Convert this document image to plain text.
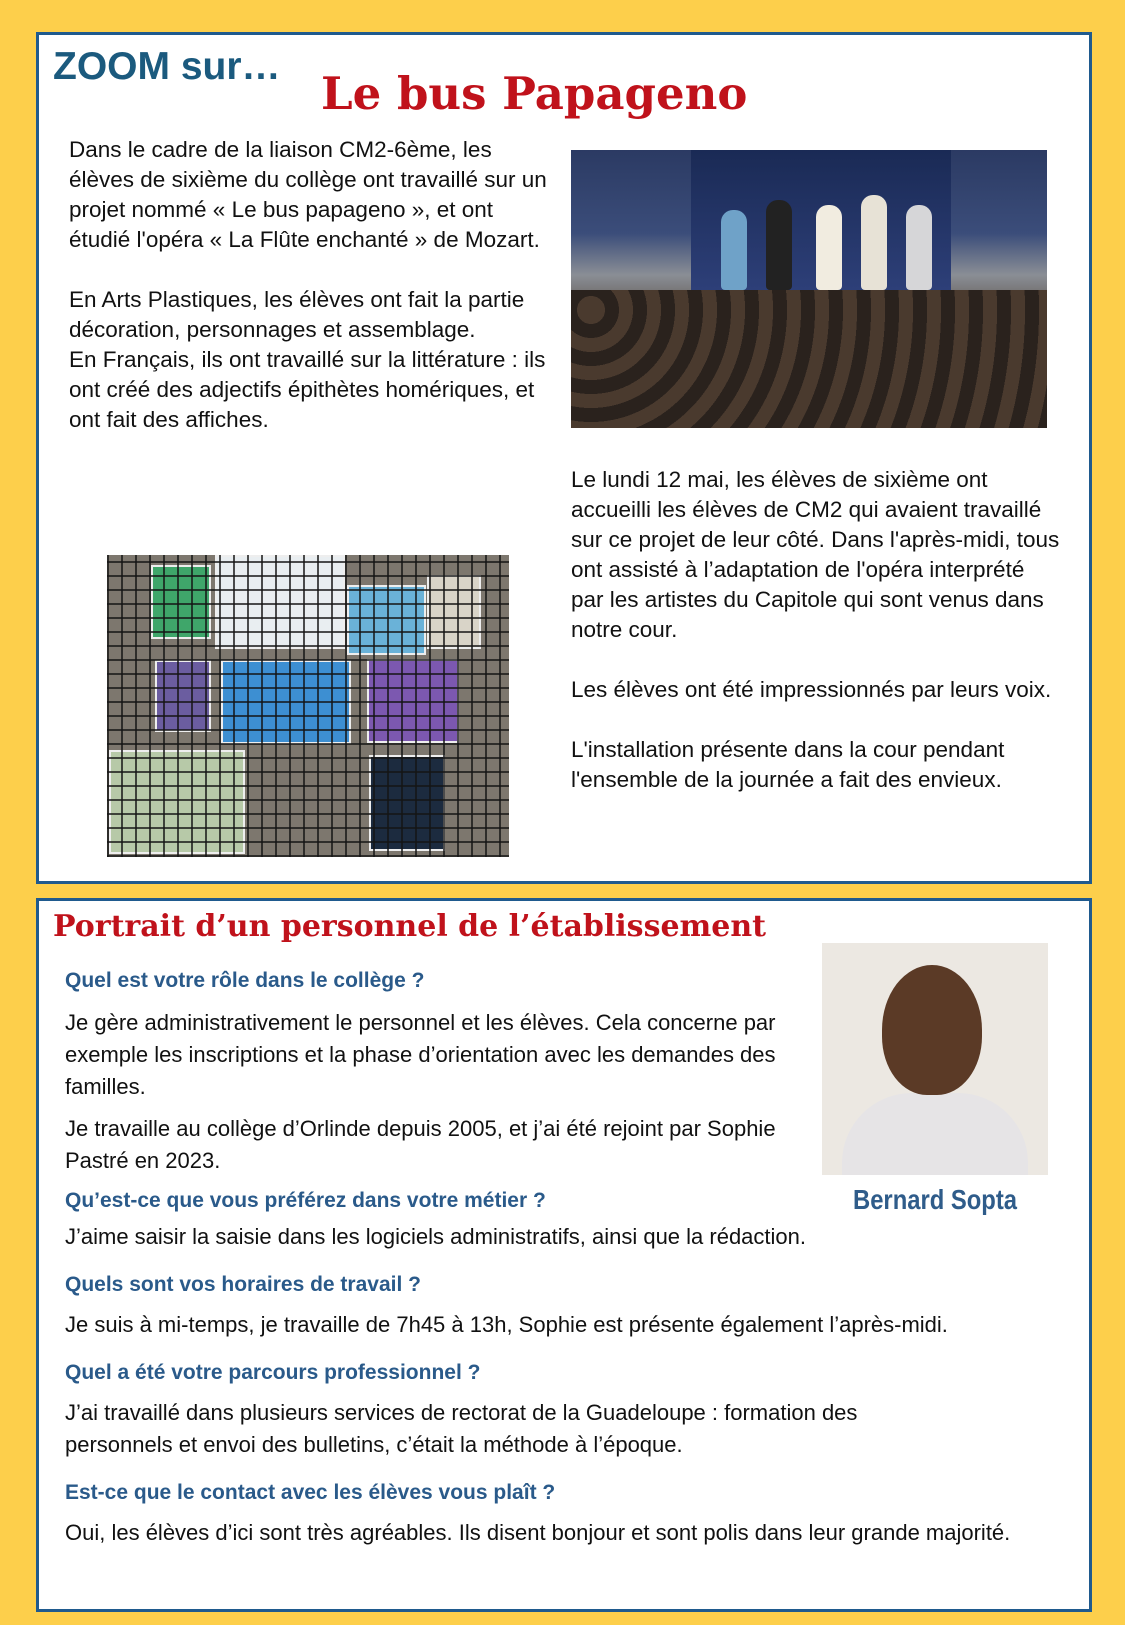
ZOOM sur…
Le bus Papageno

Dans le cadre de la liaison CM2-6ème, les élèves de sixième du collège ont travaillé sur un projet nommé « Le bus papageno », et ont étudié l'opéra « La Flûte enchanté » de Mozart.

En Arts Plastiques, les élèves ont fait la partie décoration, personnages et assemblage.
En Français, ils ont travaillé sur la littérature : ils ont créé des adjectifs épithètes homériques, et ont fait des affiches.

Le lundi 12 mai, les élèves de sixième ont accueilli les élèves de CM2 qui avaient travaillé sur ce projet de leur côté. Dans l'après-midi, tous ont assisté à l’adaptation de l'opéra interprété par les artistes du Capitole qui sont venus dans notre cour.

Les élèves ont été impressionnés par leurs voix.

L'installation présente dans la cour pendant l'ensemble de la journée a fait des envieux.

Portrait d’un personnel de l’établissement

Bernard Sopta

Quel est votre rôle dans le collège ?

Je gère administrativement le personnel et les élèves. Cela concerne par exemple les inscriptions et la phase d’orientation avec les demandes des familles.

Je travaille au collège d’Orlinde depuis 2005, et j’ai été rejoint par Sophie Pastré en 2023.

Qu’est-ce que vous préférez dans votre métier ?

J’aime saisir la saisie dans les logiciels administratifs, ainsi que la rédaction.

Quels sont vos horaires de travail ?

Je suis à mi-temps, je travaille de 7h45 à 13h, Sophie est présente également l’après-midi.

Quel a été votre parcours professionnel ?

J’ai travaillé dans plusieurs services de rectorat de la Guadeloupe : formation des personnels et envoi des bulletins, c’était la méthode à l’époque.

Est-ce que le contact avec les élèves vous plaît ?

Oui, les élèves d’ici sont très agréables. Ils disent bonjour et sont polis dans leur grande majorité.
